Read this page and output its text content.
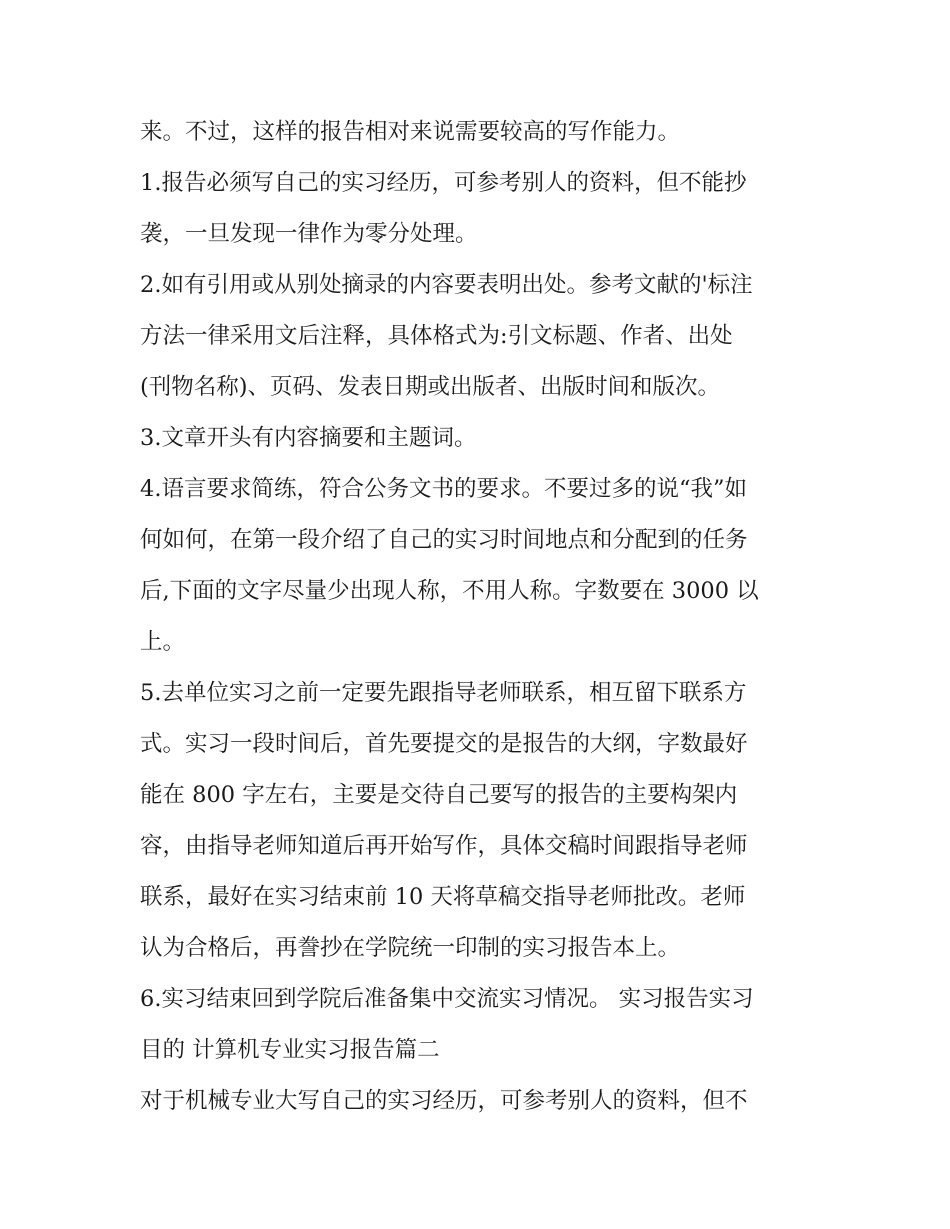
来。不过，这样的报告相对来说需要较高的写作能力。
1.报告必须写自己的实习经历，可参考别人的资料，但不能抄
袭，一旦发现一律作为零分处理。
2.如有引用或从别处摘录的内容要表明出处。参考文献的'标注
方法一律采用文后注释，具体格式为:引文标题、作者、出处
(刊物名称)、页码、发表日期或出版者、出版时间和版次。
3.文章开头有内容摘要和主题词。
4.语言要求简练，符合公务文书的要求。不要过多的说“我”如
何如何，在第一段介绍了自己的实习时间地点和分配到的任务
后,下面的文字尽量少出现人称，不用人称。字数要在 3000 以
上。
5.去单位实习之前一定要先跟指导老师联系，相互留下联系方
式。实习一段时间后，首先要提交的是报告的大纲，字数最好
能在 800 字左右，主要是交待自己要写的报告的主要构架内
容，由指导老师知道后再开始写作，具体交稿时间跟指导老师
联系，最好在实习结束前 10 天将草稿交指导老师批改。老师
认为合格后，再誊抄在学院统一印制的实习报告本上。
6.实习结束回到学院后准备集中交流实习情况。 实习报告实习
目的 计算机专业实习报告篇二
对于机械专业大写自己的实习经历，可参考别人的资料，但不
